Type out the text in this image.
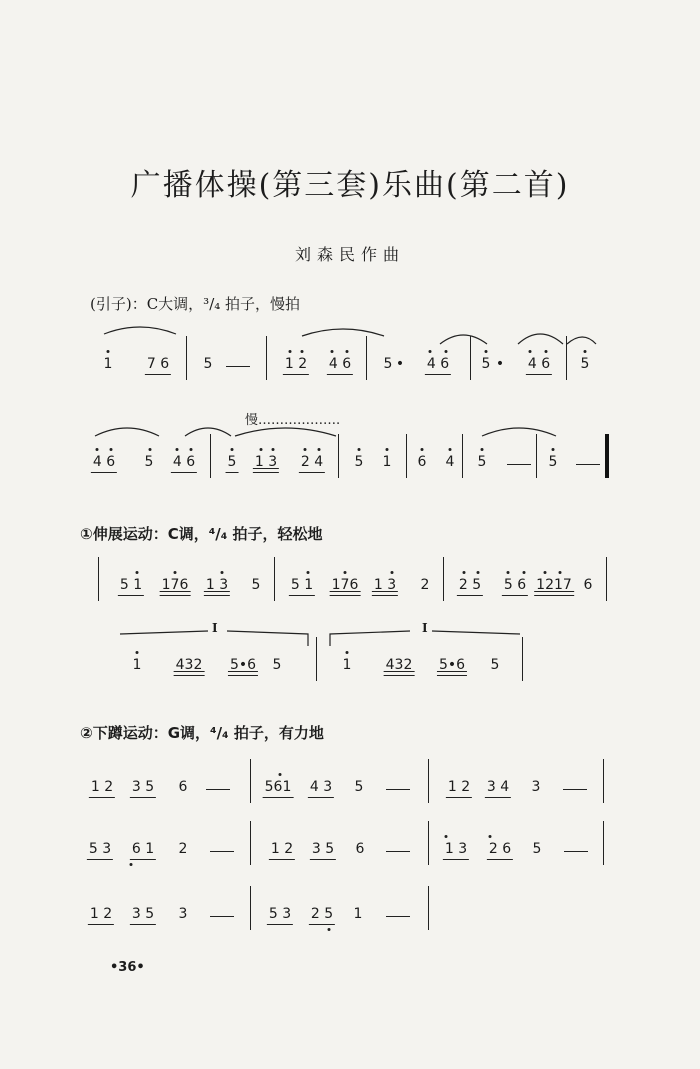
广播体操(第三套)乐曲(第二首)
刘森民作曲
(引子)：C大调，³/₄ 拍子，慢拍
慢……………….
1 7 6 5	1 2 4 6 5 • 4 6 5 • 4 6 5
4 6 5 4 6 5 1 3 2 4 5 1 6 4 5	5
①伸展运动：C调，⁴/₄ 拍子，轻松地
I	I
5 1 176 1 3 5 5 1 176 1 3 2 2 5 5 6 1217 6
1 432 5•6 5	1 432 5•6 5
②下蹲运动：G调，⁴/₄ 拍子，有力地
1 2 3 5 6	561 4 3 5	1 2 3 4 3
5 3 6 1 2	1 2 3 5 6	1 3 2 6 5
1 2 3 5 3	5 3 2 5 1
•36•
